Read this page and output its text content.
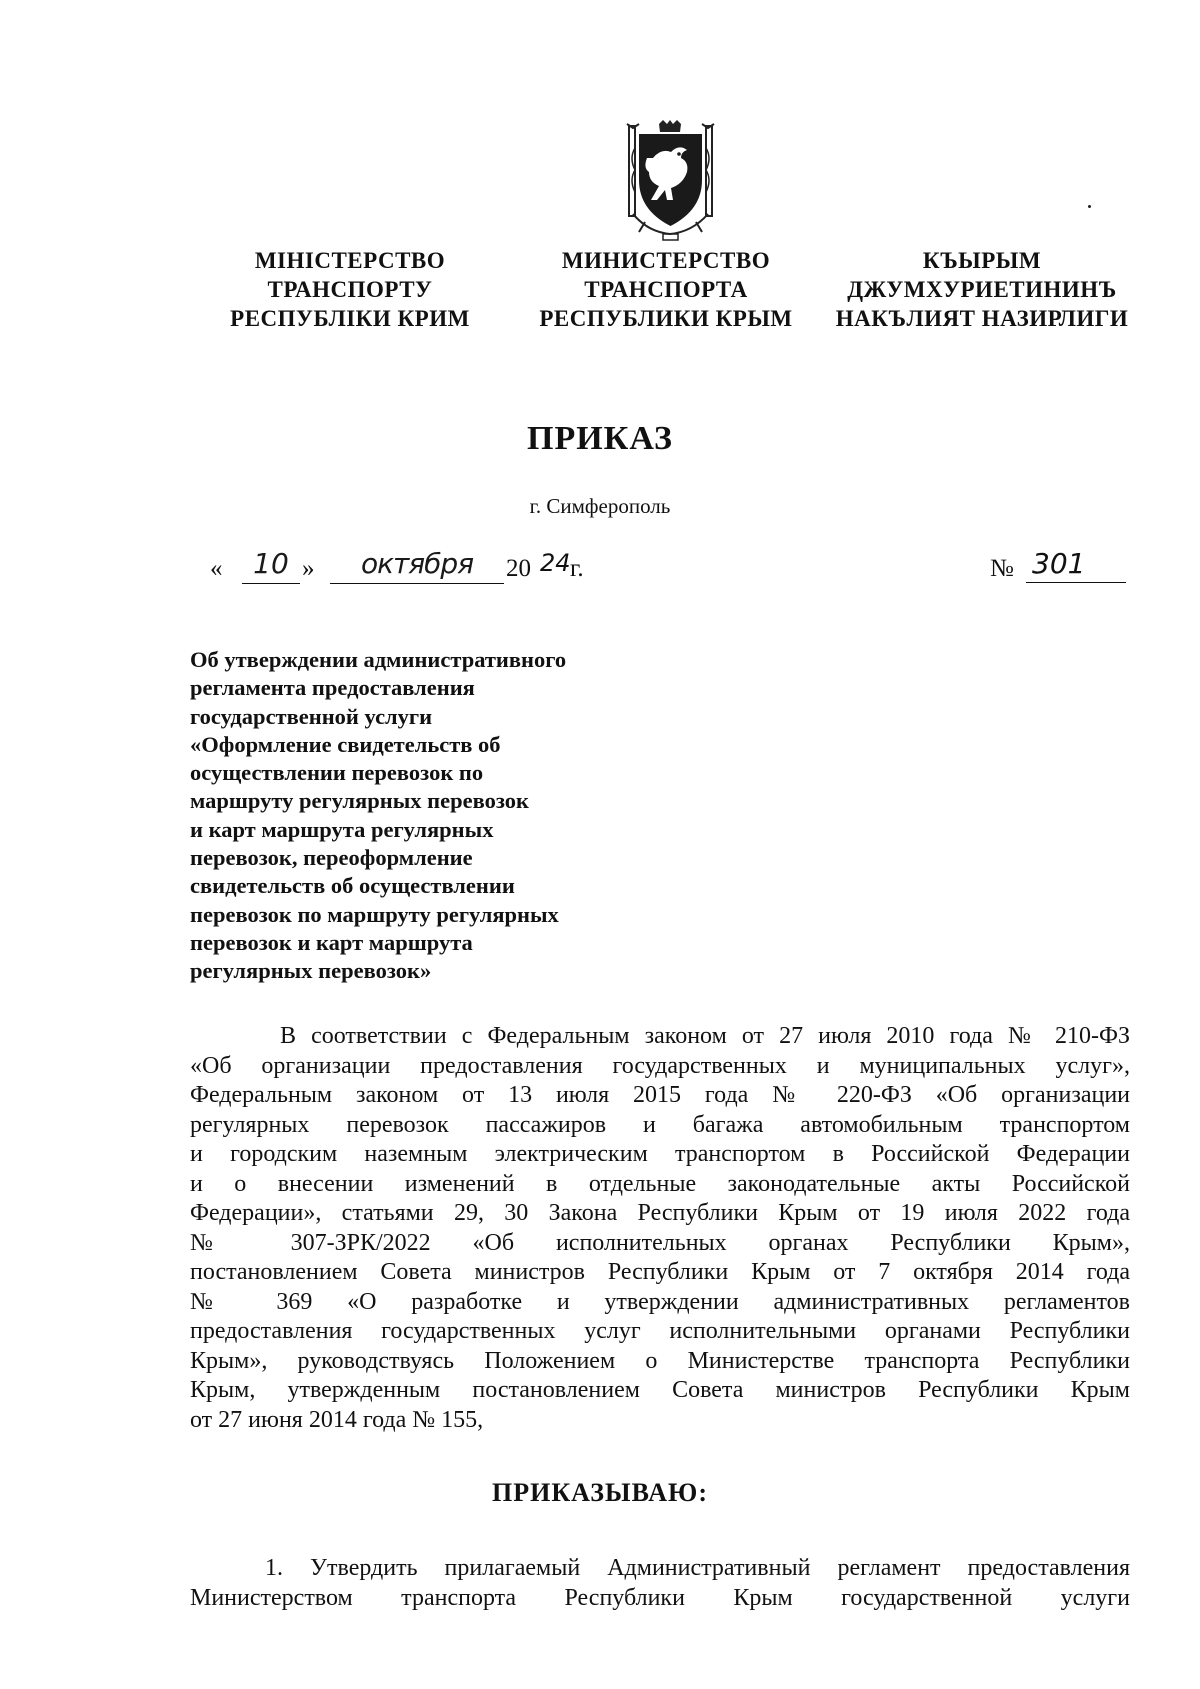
МІНІСТЕРСТВО
ТРАНСПОРТУ
РЕСПУБЛІКИ КРИМ
МИНИСТЕРСТВО
ТРАНСПОРТА
РЕСПУБЛИКИ КРЫМ
КЪЫРЫМ
ДЖУМХУРИЕТИНИНЪ
НАКЪЛИЯТ НАЗИРЛИГИ
ПРИКАЗ
г. Симферополь
«	10 »	октября	20 24 г.	№ 301
Об утверждении административного
регламента предоставления
государственной услуги
«Оформление свидетельств об
осуществлении перевозок по
маршруту регулярных перевозок
и карт маршрута регулярных
перевозок, переоформление
свидетельств об осуществлении
перевозок по маршруту регулярных
перевозок и карт маршрута
регулярных перевозок»
В соответствии с Федеральным законом от 27 июля 2010 года № 210-ФЗ
«Об организации предоставления государственных и муниципальных услуг»,
Федеральным законом от 13 июля 2015 года № 220-ФЗ «Об организации
регулярных перевозок пассажиров и багажа автомобильным транспортом
и городским наземным электрическим транспортом в Российской Федерации
и о внесении изменений в отдельные законодательные акты Российской
Федерации», статьями 29, 30 Закона Республики Крым от 19 июля 2022 года
№ 307-ЗРК/2022 «Об исполнительных органах Республики Крым»,
постановлением Совета министров Республики Крым от 7 октября 2014 года
№ 369 «О разработке и утверждении административных регламентов
предоставления государственных услуг исполнительными органами Республики
Крым», руководствуясь Положением о Министерстве транспорта Республики
Крым, утвержденным постановлением Совета министров Республики Крым
от 27 июня 2014 года № 155,
ПРИКАЗЫВАЮ:
1. Утвердить прилагаемый Административный регламент предоставления
Министерством транспорта Республики Крым государственной услуги
